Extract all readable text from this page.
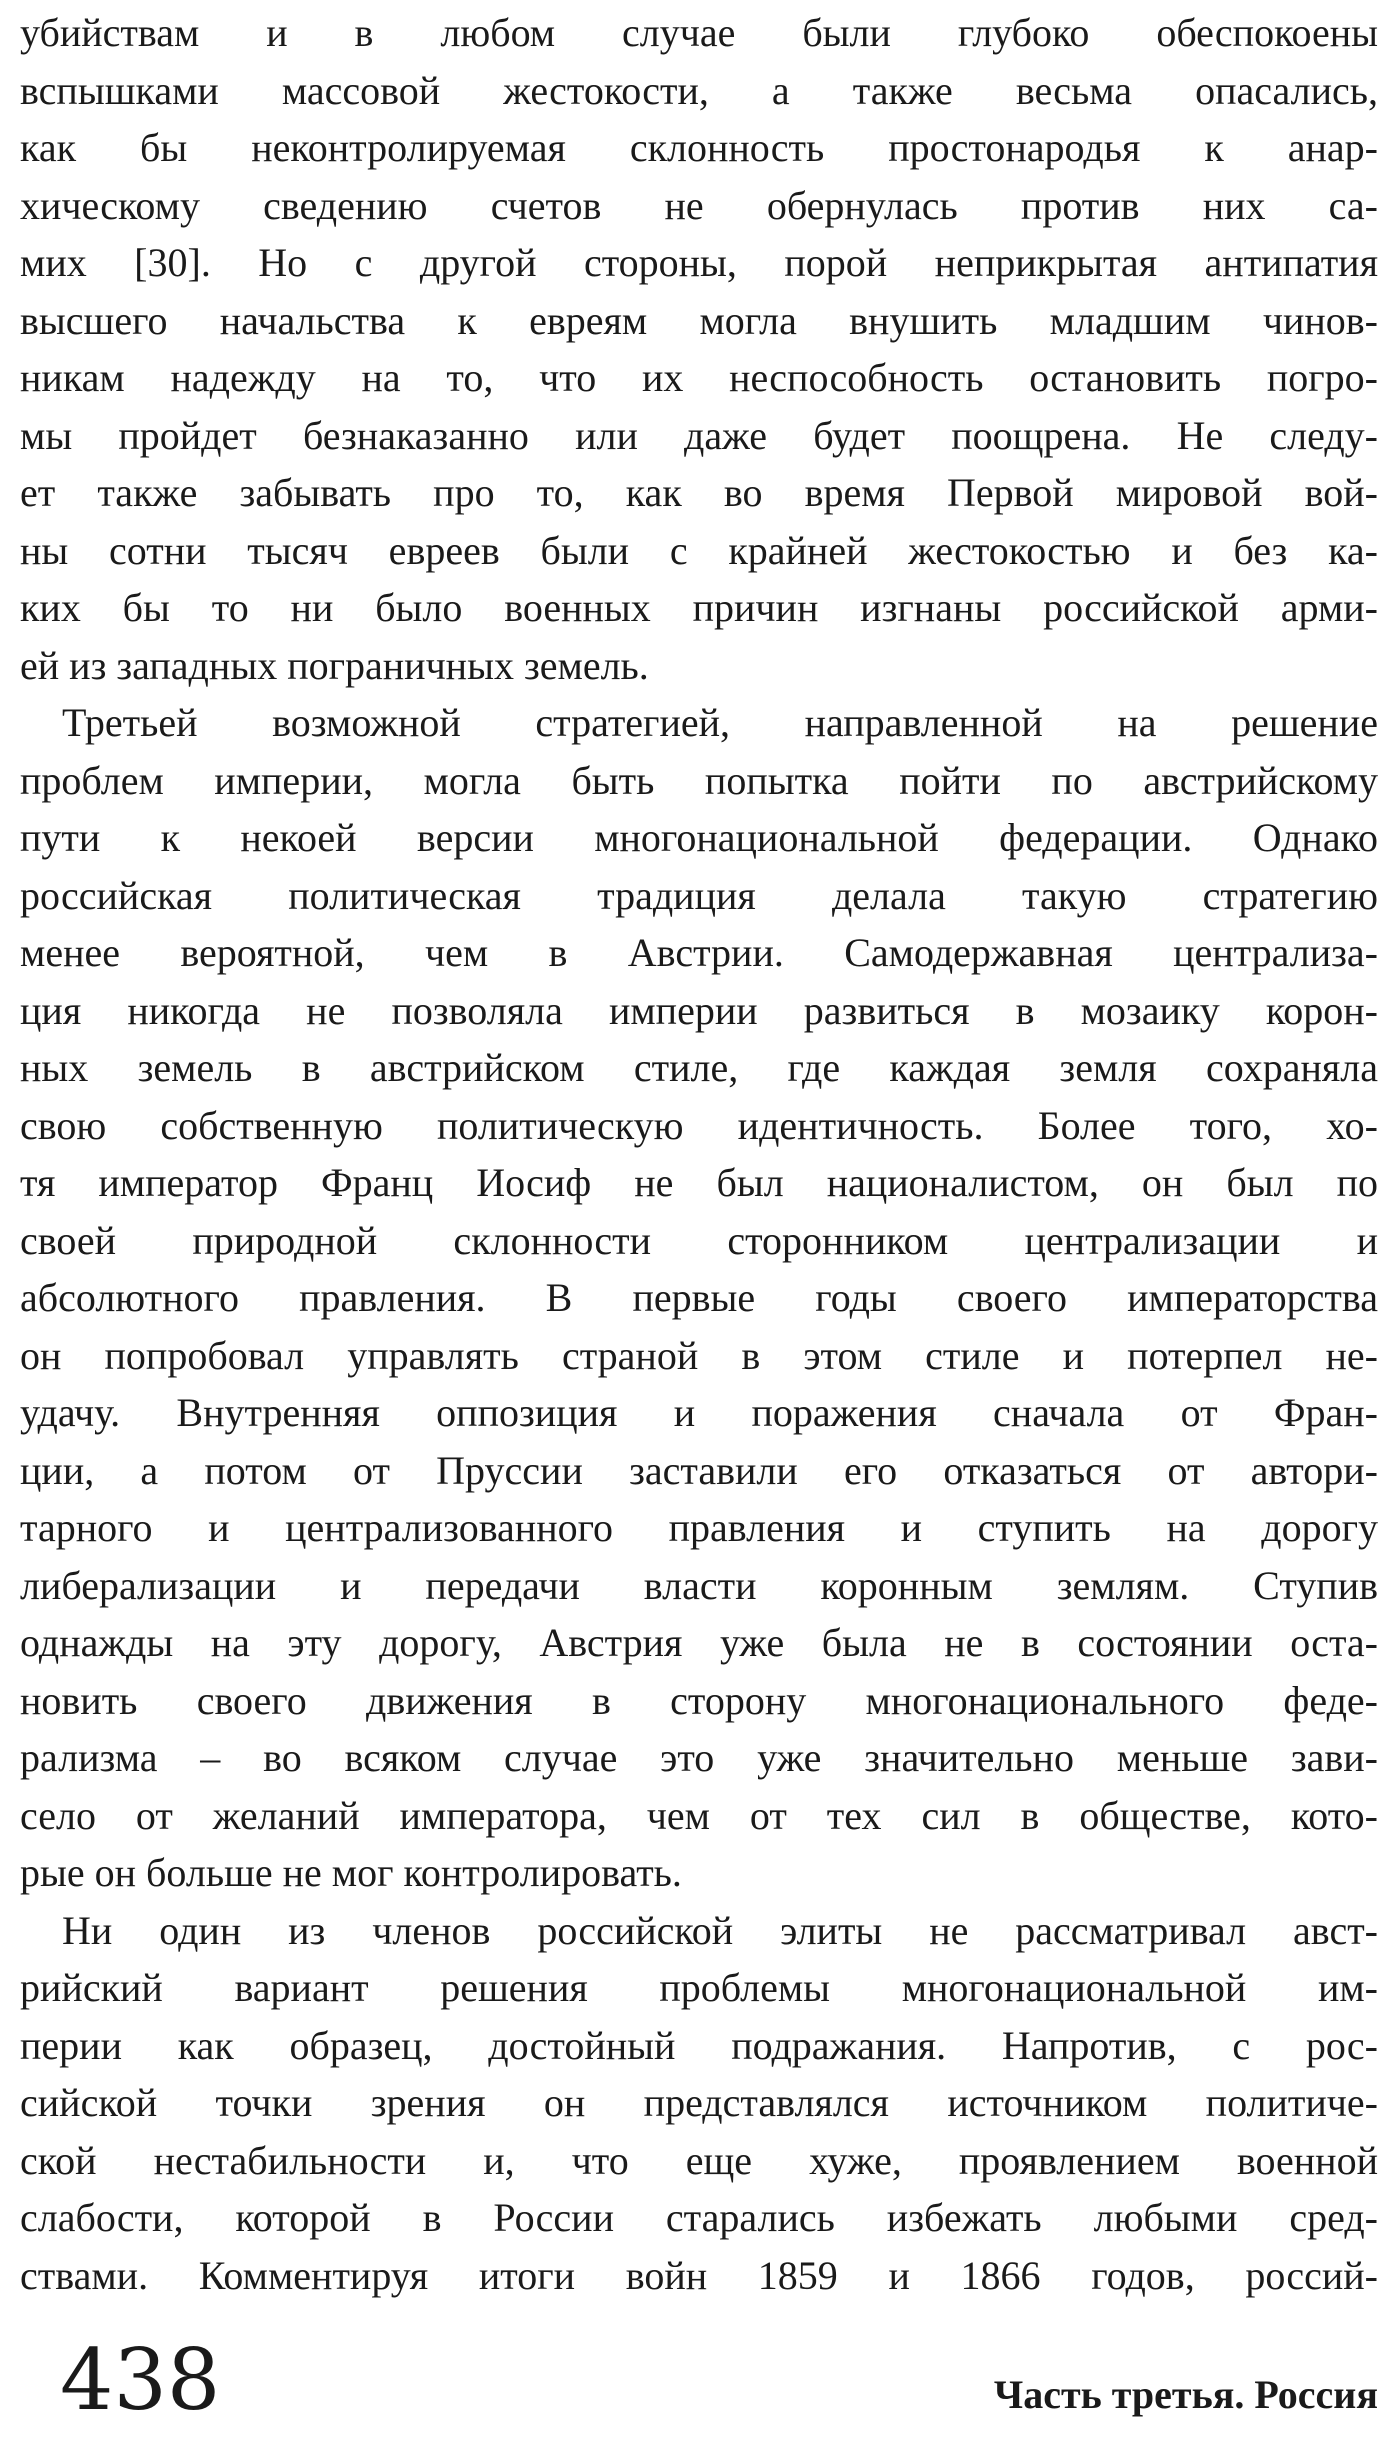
убийствам и в любом случае были глубоко обеспокоены
вспышками массовой жестокости, а также весьма опасались,
как бы неконтролируемая склонность простонародья к анар-
хическому сведению счетов не обернулась против них са-
мих [30]. Но с другой стороны, порой неприкрытая антипатия
высшего начальства к евреям могла внушить младшим чинов-
никам надежду на то, что их неспособность остановить погро-
мы пройдет безнаказанно или даже будет поощрена. Не следу-
ет также забывать про то, как во время Первой мировой вой-
ны сотни тысяч евреев были с крайней жестокостью и без ка-
ких бы то ни было военных причин изгнаны российской арми-
ей из западных пограничных земель.
Третьей возможной стратегией, направленной на решение
проблем империи, могла быть попытка пойти по австрийскому
пути к некоей версии многонациональной федерации. Однако
российская политическая традиция делала такую стратегию
менее вероятной, чем в Австрии. Самодержавная централиза-
ция никогда не позволяла империи развиться в мозаику корон-
ных земель в австрийском стиле, где каждая земля сохраняла
свою собственную политическую идентичность. Более того, хо-
тя император Франц Иосиф не был националистом, он был по
своей природной склонности сторонником централизации и
абсолютного правления. В первые годы своего императорства
он попробовал управлять страной в этом стиле и потерпел не-
удачу. Внутренняя оппозиция и поражения сначала от Фран-
ции, а потом от Пруссии заставили его отказаться от автори-
тарного и централизованного правления и ступить на дорогу
либерализации и передачи власти коронным землям. Ступив
однажды на эту дорогу, Австрия уже была не в состоянии оста-
новить своего движения в сторону многонационального феде-
рализма – во всяком случае это уже значительно меньше зави-
село от желаний императора, чем от тех сил в обществе, кото-
рые он больше не мог контролировать.
Ни один из членов российской элиты не рассматривал авст-
рийский вариант решения проблемы многонациональной им-
перии как образец, достойный подражания. Напротив, с рос-
сийской точки зрения он представлялся источником политиче-
ской нестабильности и, что еще хуже, проявлением военной
слабости, которой в России старались избежать любыми сред-
ствами. Комментируя итоги войн 1859 и 1866 годов, россий-
438	Часть третья. Россия
